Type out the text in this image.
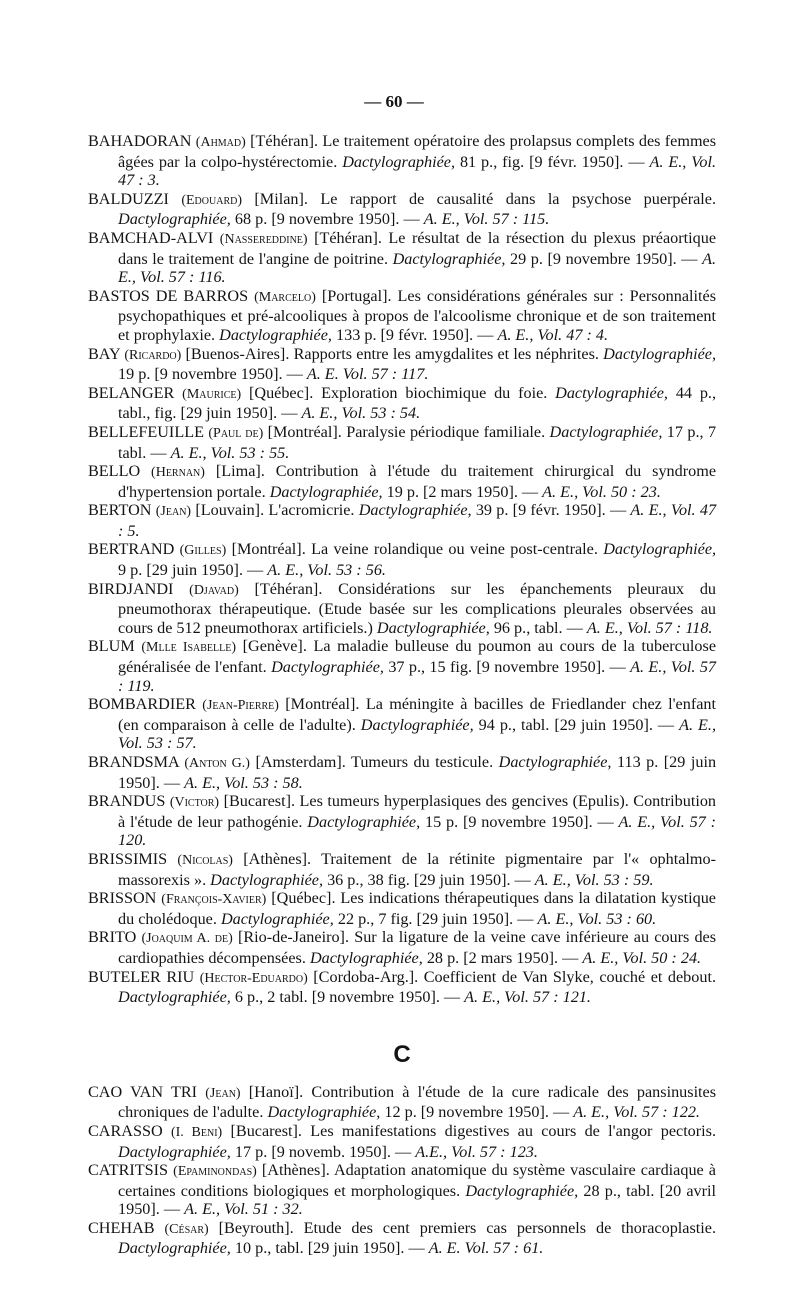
— 60 —
BAHADORAN (Ahmad) [Téhéran]. Le traitement opératoire des prolapsus complets des femmes âgées par la colpo-hystérectomie. Dactylographiée, 81 p., fig. [9 févr. 1950]. — A. E., Vol. 47 : 3.
BALDUZZI (Edouard) [Milan]. Le rapport de causalité dans la psychose puerpérale. Dactylographiée, 68 p. [9 novembre 1950]. — A. E., Vol. 57 : 115.
BAMCHAD-ALVI (Nassereddine) [Téhéran]. Le résultat de la résection du plexus préaortique dans le traitement de l'angine de poitrine. Dactylographiée, 29 p. [9 novembre 1950]. — A. E., Vol. 57 : 116.
BASTOS DE BARROS (Marcelo) [Portugal]. Les considérations générales sur : Personnalités psychopathiques et pré-alcooliques à propos de l'alcoolisme chronique et de son traitement et prophylaxie. Dactylographiée, 133 p. [9 févr. 1950]. — A. E., Vol. 47 : 4.
BAY (Ricardo) [Buenos-Aires]. Rapports entre les amygdalites et les néphrites. Dactylographiée, 19 p. [9 novembre 1950]. — A. E. Vol. 57 : 117.
BELANGER (Maurice) [Québec]. Exploration biochimique du foie. Dactylographiée, 44 p., tabl., fig. [29 juin 1950]. — A. E., Vol. 53 : 54.
BELLEFEUILLE (Paul de) [Montréal]. Paralysie périodique familiale. Dactylographiée, 17 p., 7 tabl. — A. E., Vol. 53 : 55.
BELLO (Hernan) [Lima]. Contribution à l'étude du traitement chirurgical du syndrome d'hypertension portale. Dactylographiée, 19 p. [2 mars 1950]. — A. E., Vol. 50 : 23.
BERTON (Jean) [Louvain]. L'acromicrie. Dactylographiée, 39 p. [9 févr. 1950]. — A. E., Vol. 47 : 5.
BERTRAND (Gilles) [Montréal]. La veine rolandique ou veine post-centrale. Dactylographiée, 9 p. [29 juin 1950]. — A. E., Vol. 53 : 56.
BIRDJANDI (Djavad) [Téhéran]. Considérations sur les épanchements pleuraux du pneumothorax thérapeutique. (Etude basée sur les complications pleurales observées au cours de 512 pneumothorax artificiels.) Dactylographiée, 96 p., tabl. — A. E., Vol. 57 : 118.
BLUM (Mlle Isabelle) [Genève]. La maladie bulleuse du poumon au cours de la tuberculose généralisée de l'enfant. Dactylographiée, 37 p., 15 fig. [9 novembre 1950]. — A. E., Vol. 57 : 119.
BOMBARDIER (Jean-Pierre) [Montréal]. La méningite à bacilles de Friedlander chez l'enfant (en comparaison à celle de l'adulte). Dactylographiée, 94 p., tabl. [29 juin 1950]. — A. E., Vol. 53 : 57.
BRANDSMA (Anton G.) [Amsterdam]. Tumeurs du testicule. Dactylographiée, 113 p. [29 juin 1950]. — A. E., Vol. 53 : 58.
BRANDUS (Victor) [Bucarest]. Les tumeurs hyperplasiques des gencives (Epulis). Contribution à l'étude de leur pathogénie. Dactylographiée, 15 p. [9 novembre 1950]. — A. E., Vol. 57 : 120.
BRISSIMIS (Nicolas) [Athènes]. Traitement de la rétinite pigmentaire par l'« ophtalmo-massorexis ». Dactylographiée, 36 p., 38 fig. [29 juin 1950]. — A. E., Vol. 53 : 59.
BRISSON (François-Xavier) [Québec]. Les indications thérapeutiques dans la dilatation kystique du cholédoque. Dactylographiée, 22 p., 7 fig. [29 juin 1950]. — A. E., Vol. 53 : 60.
BRITO (Joaquim A. de) [Rio-de-Janeiro]. Sur la ligature de la veine cave inférieure au cours des cardiopathies décompensées. Dactylographiée, 28 p. [2 mars 1950]. — A. E., Vol. 50 : 24.
BUTELER RIU (Hector-Eduardo) [Cordoba-Arg.]. Coefficient de Van Slyke, couché et debout. Dactylographiée, 6 p., 2 tabl. [9 novembre 1950]. — A. E., Vol. 57 : 121.
C
CAO VAN TRI (Jean) [Hanoï]. Contribution à l'étude de la cure radicale des pansinusites chroniques de l'adulte. Dactylographiée, 12 p. [9 novembre 1950]. — A. E., Vol. 57 : 122.
CARASSO (I. Beni) [Bucarest]. Les manifestations digestives au cours de l'angor pectoris. Dactylographiée, 17 p. [9 novemb. 1950]. — A.E., Vol. 57 : 123.
CATRITSIS (Epaminondas) [Athènes]. Adaptation anatomique du système vasculaire cardiaque à certaines conditions biologiques et morphologiques. Dactylographiée, 28 p., tabl. [20 avril 1950]. — A. E., Vol. 51 : 32.
CHEHAB (César) [Beyrouth]. Etude des cent premiers cas personnels de thoracoplastie. Dactylographiée, 10 p., tabl. [29 juin 1950]. — A. E. Vol. 57 : 61.
